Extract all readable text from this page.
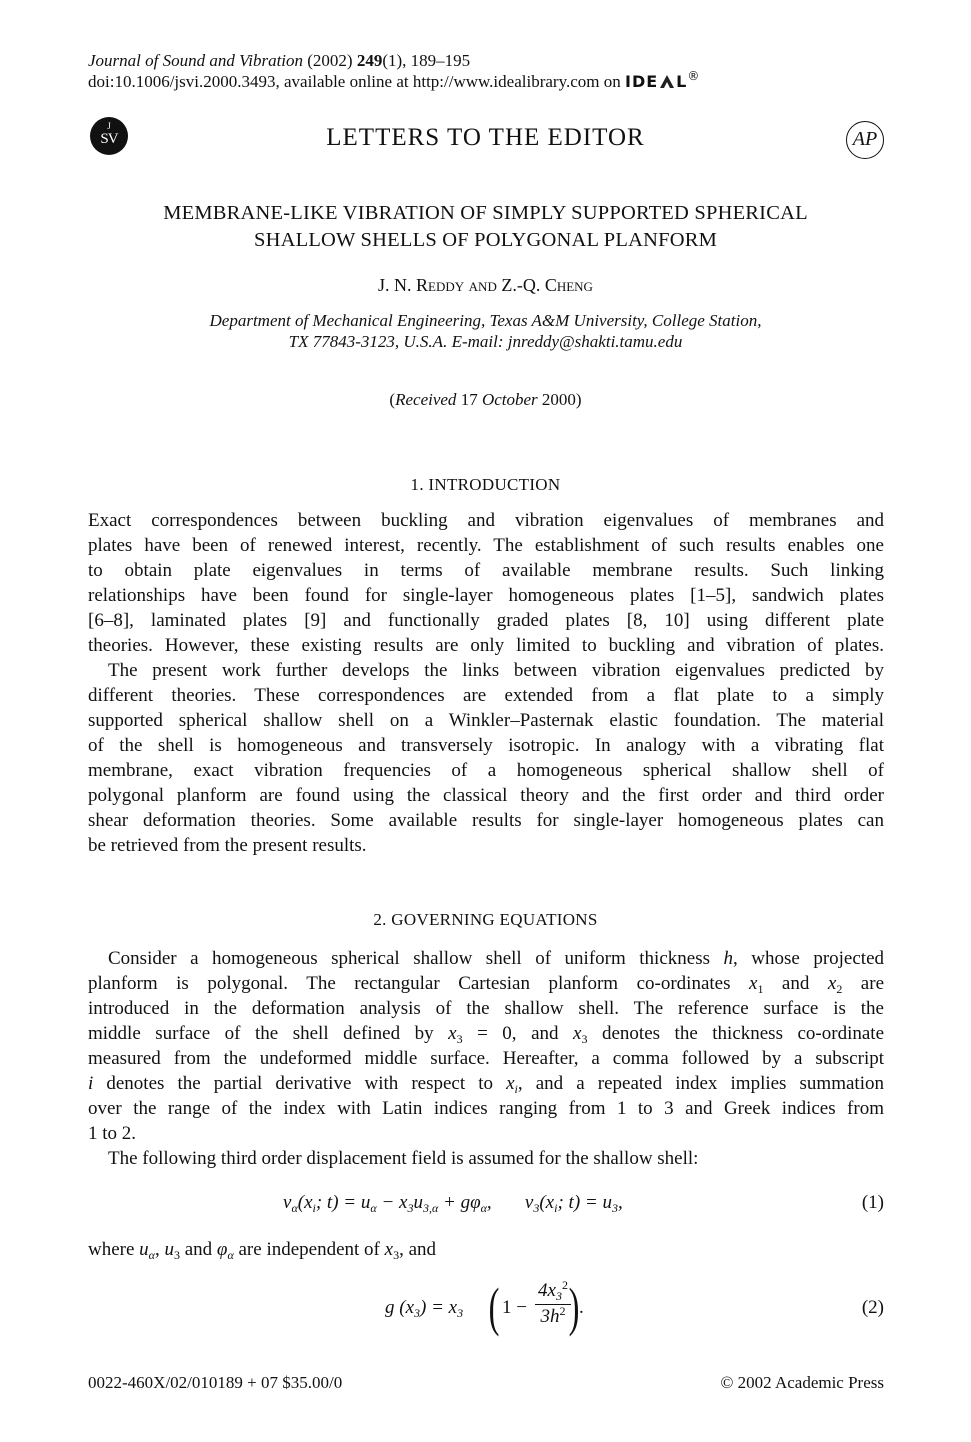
Journal of Sound and Vibration (2002) 249(1), 189–195
doi:10.1006/jsvi.2000.3493, available online at http://www.idealibrary.com on IDE L®
J
SV	LETTERS TO THE EDITOR	AP
MEMBRANE-LIKE VIBRATION OF SIMPLY SUPPORTED SPHERICAL
SHALLOW SHELLS OF POLYGONAL PLANFORM
J. N. Reddy and Z.-Q. Cheng
Department of Mechanical Engineering, Texas A&M University, College Station,
TX 77843-3123, U.S.A. E-mail: jnreddy@shakti.tamu.edu
(Received 17 October 2000)
1. INTRODUCTION
Exact correspondences between buckling and vibration eigenvalues of membranes and
plates have been of renewed interest, recently. The establishment of such results enables one
to obtain plate eigenvalues in terms of available membrane results. Such linking
relationships have been found for single-layer homogeneous plates [1–5], sandwich plates
[6–8], laminated plates [9] and functionally graded plates [8, 10] using different plate
theories. However, these existing results are only limited to buckling and vibration of plates.
The present work further develops the links between vibration eigenvalues predicted by
different theories. These correspondences are extended from a flat plate to a simply
supported spherical shallow shell on a Winkler–Pasternak elastic foundation. The material
of the shell is homogeneous and transversely isotropic. In analogy with a vibrating flat
membrane, exact vibration frequencies of a homogeneous spherical shallow shell of
polygonal planform are found using the classical theory and the first order and third order
shear deformation theories. Some available results for single-layer homogeneous plates can
be retrieved from the present results.
2. GOVERNING EQUATIONS
Consider a homogeneous spherical shallow shell of uniform thickness h, whose projected
planform is polygonal. The rectangular Cartesian planform co-ordinates $x_1$ and $x_2$ are
introduced in the deformation analysis of the shallow shell. The reference surface is the
middle surface of the shell defined by $x_3 = 0$, and $x_3$ denotes the thickness co-ordinate
measured from the undeformed middle surface. Hereafter, a comma followed by a subscript
i denotes the partial derivative with respect to $x_i$, and a repeated index implies summation
over the range of the index with Latin indices ranging from 1 to 3 and Greek indices from
1 to 2.
The following third order displacement field is assumed for the shallow shell:
$v_\alpha(x_i$; $t) = u_\alpha - x_3u_{3,\alpha} + g\varphi_\alpha$,       $v_3(x_i$; $t) = u_3$,	(1)
where $u_\alpha$, $u_3$ and $\varphi_\alpha$ are independent of $x_3$, and
g $(x_3) = x_3$ ( 1 −
$4x_3^2$
$3h^2$ ) .	(2)
0022-460X/02/010189 + 07 $35.00/0	© 2002 Academic Press
